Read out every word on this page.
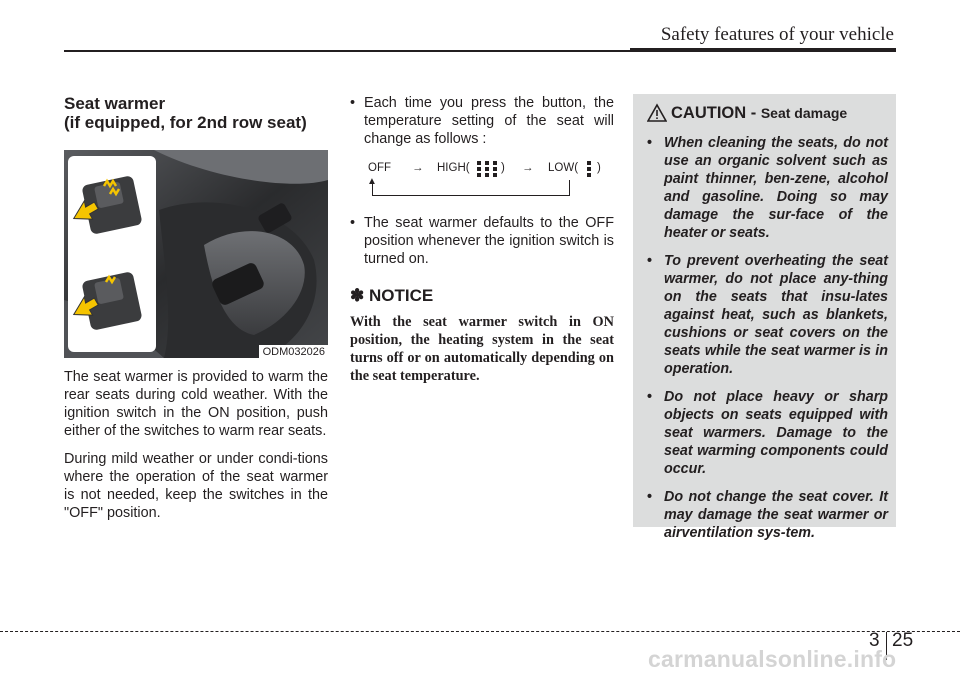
Safety features of your vehicle
Seat warmer
(if equipped, for 2nd row seat)
ODM032026
The seat warmer is provided to warm the rear seats during cold weather. With the ignition switch in the ON position, push either of the switches to warm rear seats.
During mild weather or under condi-tions where the operation of the seat warmer is not needed, keep the switches in the "OFF" position.
• Each time you press the button, the temperature setting of the seat will change as follows :
OFF → HIGH(	) → LOW( )
▲
• The seat warmer defaults to the OFF position whenever the ignition switch is turned on.
✽ NOTICE
With the seat warmer switch in ON position, the heating system in the seat turns off or on automatically depending on the seat temperature.
CAUTION - Seat damage
• When cleaning the seats, do not use an organic solvent such as paint thinner, ben-zene, alcohol and gasoline. Doing so may damage the sur-face of the heater or seats.
• To prevent overheating the seat warmer, do not place any-thing on the seats that insu-lates against heat, such as blankets, cushions or seat covers on the seats while the seat warmer is in operation.
• Do not place heavy or sharp objects on seats equipped with seat warmers. Damage to the seat warming components could occur.
• Do not change the seat cover. It may damage the seat warmer or airventilation sys-tem.
3 25
carmanualsonline.info
